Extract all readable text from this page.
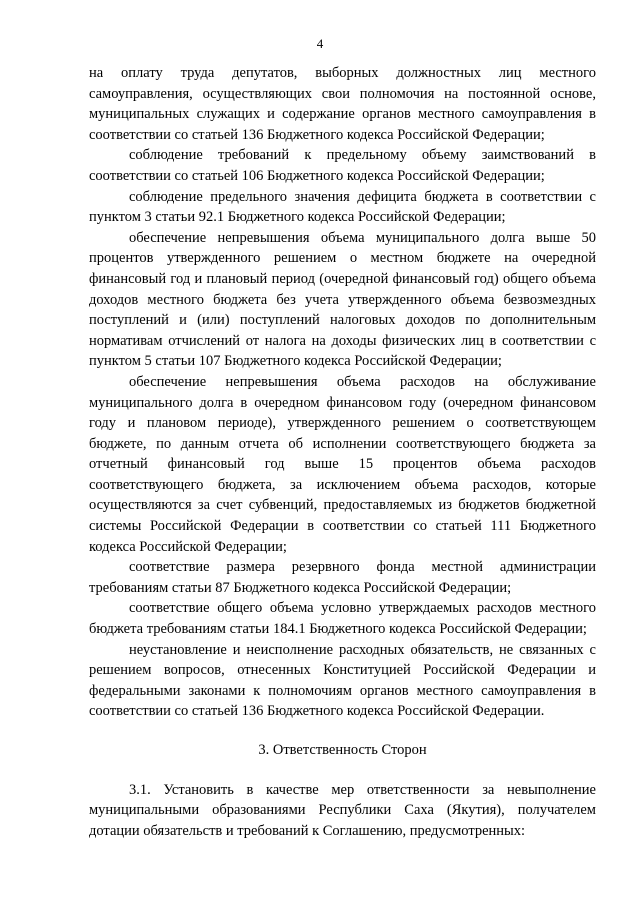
4

на оплату труда депутатов, выборных должностных лиц местного самоуправления, осуществляющих свои полномочия на постоянной основе, муниципальных служащих и содержание органов местного самоуправления в соответствии со статьей 136 Бюджетного кодекса Российской Федерации;

соблюдение требований к предельному объему заимствований в соответствии со статьей 106 Бюджетного кодекса Российской Федерации;

соблюдение предельного значения дефицита бюджета в соответствии с пунктом 3 статьи 92.1 Бюджетного кодекса Российской Федерации;

обеспечение непревышения объема муниципального долга выше 50 процентов утвержденного решением о местном бюджете на очередной финансовый год и плановый период (очередной финансовый год) общего объема доходов местного бюджета без учета утвержденного объема безвозмездных поступлений и (или) поступлений налоговых доходов по дополнительным нормативам отчислений от налога на доходы физических лиц в соответствии с пунктом 5 статьи 107 Бюджетного кодекса Российской Федерации;

обеспечение непревышения объема расходов на обслуживание муниципального долга в очередном финансовом году (очередном финансовом году и плановом периоде), утвержденного решением о соответствующем бюджете, по данным отчета об исполнении соответствующего бюджета за отчетный финансовый год выше 15 процентов объема расходов соответствующего бюджета, за исключением объема расходов, которые осуществляются за счет субвенций, предоставляемых из бюджетов бюджетной системы Российской Федерации в соответствии со статьей 111 Бюджетного кодекса Российской Федерации;

соответствие размера резервного фонда местной администрации требованиям статьи 87 Бюджетного кодекса Российской Федерации;

соответствие общего объема условно утверждаемых расходов местного бюджета требованиям статьи 184.1 Бюджетного кодекса Российской Федерации;

неустановление и неисполнение расходных обязательств, не связанных с решением вопросов, отнесенных Конституцией Российской Федерации и федеральными законами к полномочиям органов местного самоуправления в соответствии со статьей 136 Бюджетного кодекса Российской Федерации.

3. Ответственность Сторон

3.1. Установить в качестве мер ответственности за невыполнение муниципальными образованиями Республики Саха (Якутия), получателем дотации обязательств и требований к Соглашению, предусмотренных:
